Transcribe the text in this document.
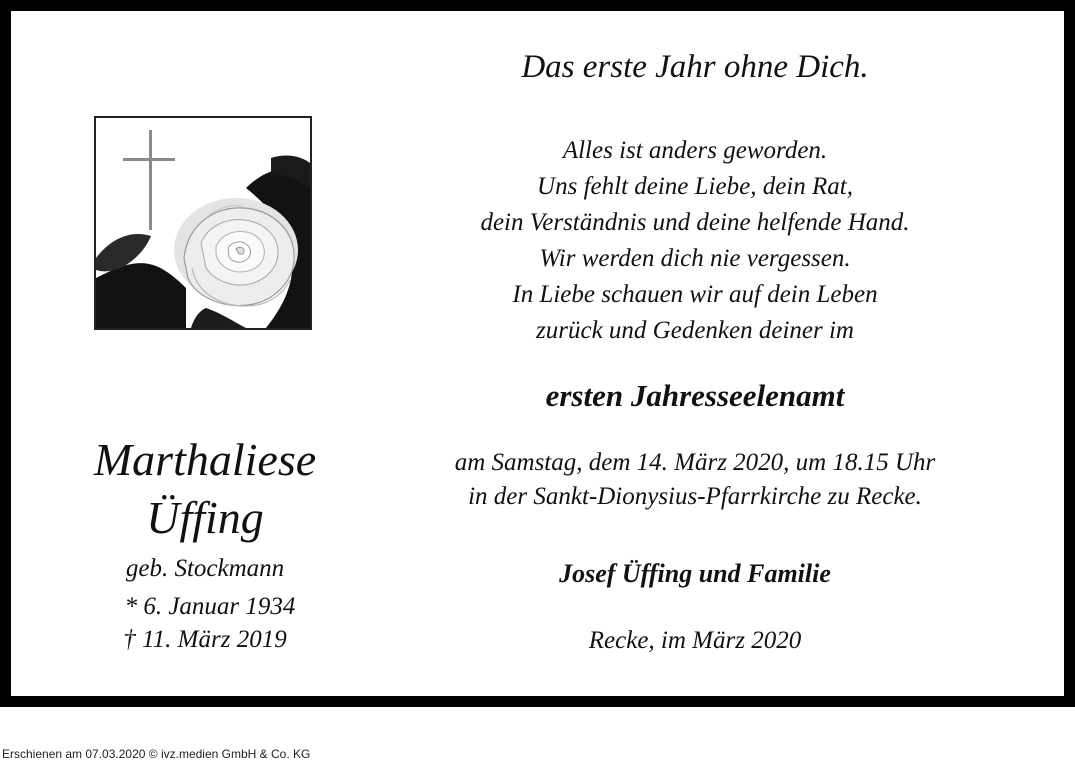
Marthaliese
Üffing
geb. Stockmann
* 6. Januar 1934
† 11. März 2019
Das erste Jahr ohne Dich.
Alles ist anders geworden.
Uns fehlt deine Liebe, dein Rat,
dein Verständnis und deine helfende Hand.
Wir werden dich nie vergessen.
In Liebe schauen wir auf dein Leben
zurück und Gedenken deiner im
ersten Jahresseelenamt
am Samstag, dem 14. März 2020, um 18.15 Uhr
in der Sankt-Dionysius-Pfarrkirche zu Recke.
Josef Üffing und Familie
Recke, im März 2020
Erschienen am 07.03.2020 © ivz.medien GmbH & Co. KG
